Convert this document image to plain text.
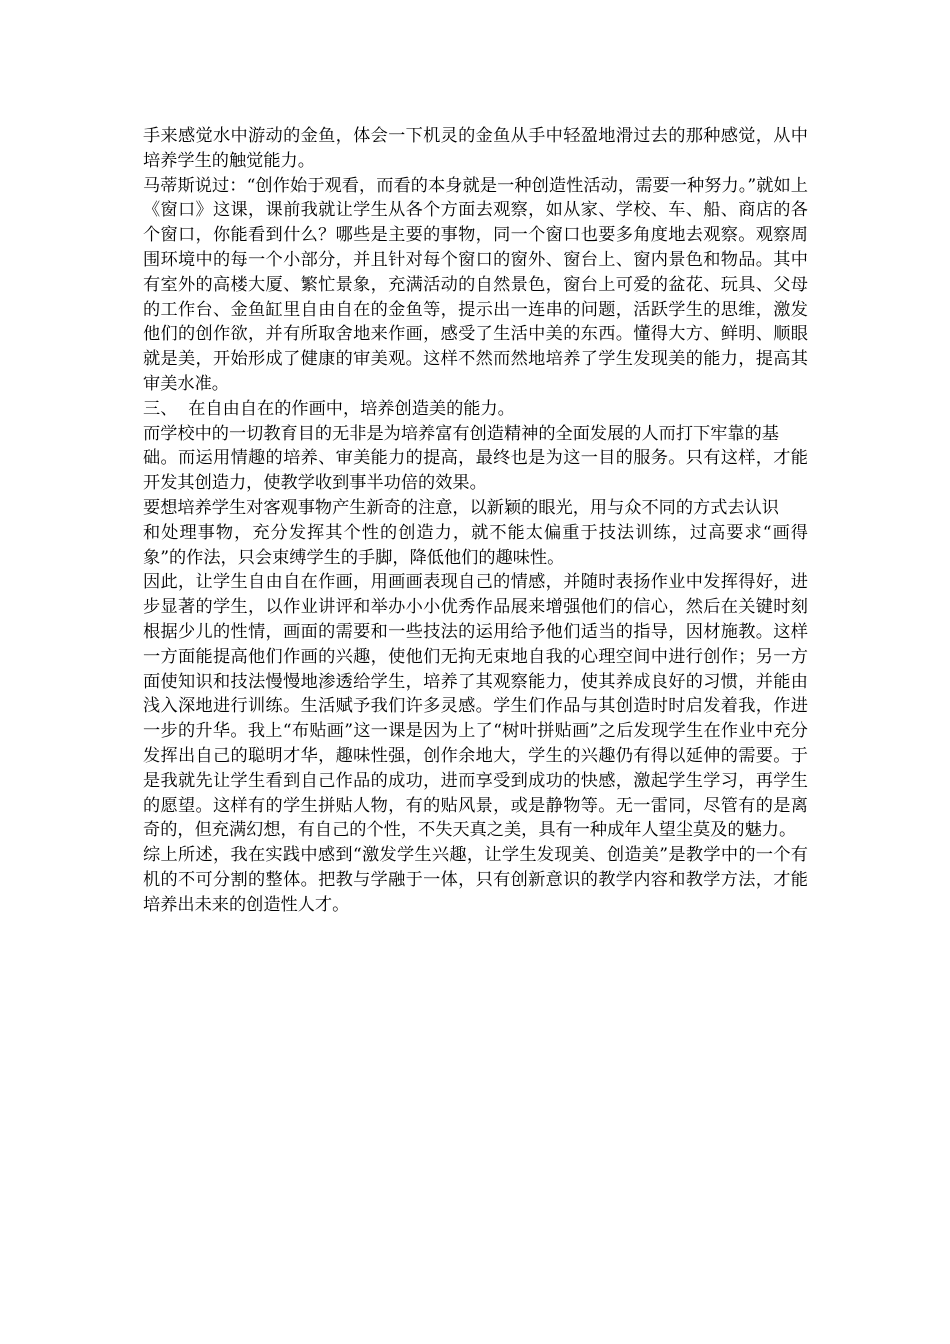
手来感觉水中游动的金鱼，体会一下机灵的金鱼从手中轻盈地滑过去的那种感觉，从中培养学生的触觉能力。

马蒂斯说过：“创作始于观看，而看的本身就是一种创造性活动，需要一种努力。”就如上《窗口》这课，课前我就让学生从各个方面去观察，如从家、学校、车、船、商店的各个窗口，你能看到什么？哪些是主要的事物，同一个窗口也要多角度地去观察。观察周围环境中的每一个小部分，并且针对每个窗口的窗外、窗台上、窗内景色和物品。其中有室外的高楼大厦、繁忙景象，充满活动的自然景色，窗台上可爱的盆花、玩具、父母的工作台、金鱼缸里自由自在的金鱼等，提示出一连串的问题，活跃学生的思维，激发他们的创作欲，并有所取舍地来作画，感受了生活中美的东西。懂得大方、鲜明、顺眼就是美，开始形成了健康的审美观。这样不然而然地培养了学生发现美的能力，提高其审美水准。

三、  在自由自在的作画中，培养创造美的能力。

而学校中的一切教育目的无非是为培养富有创造精神的全面发展的人而打下牢靠的基

础。而运用情趣的培养、审美能力的提高，最终也是为这一目的服务。只有这样，才能开发其创造力，使教学收到事半功倍的效果。

要想培养学生对客观事物产生新奇的注意，以新颖的眼光，用与众不同的方式去认识

和处理事物，充分发挥其个性的创造力，就不能太偏重于技法训练，过高要求“画得象”的作法，只会束缚学生的手脚，降低他们的趣味性。

因此，让学生自由自在作画，用画画表现自己的情感，并随时表扬作业中发挥得好，进步显著的学生，以作业讲评和举办小小优秀作品展来增强他们的信心，然后在关键时刻根据少儿的性情，画面的需要和一些技法的运用给予他们适当的指导，因材施教。这样一方面能提高他们作画的兴趣，使他们无拘无束地自我的心理空间中进行创作；另一方面使知识和技法慢慢地渗透给学生，培养了其观察能力，使其养成良好的习惯，并能由浅入深地进行训练。生活赋予我们许多灵感。学生们作品与其创造时时启发着我，作进一步的升华。我上“布贴画”这一课是因为上了“树叶拼贴画”之后发现学生在作业中充分发挥出自己的聪明才华，趣味性强，创作余地大，学生的兴趣仍有得以延伸的需要。于是我就先让学生看到自己作品的成功，进而享受到成功的快感，激起学生学习，再学生的愿望。这样有的学生拼贴人物，有的贴风景，或是静物等。无一雷同，尽管有的是离奇的，但充满幻想，有自己的个性，不失天真之美，具有一种成年人望尘莫及的魅力。

综上所述，我在实践中感到“激发学生兴趣，让学生发现美、创造美”是教学中的一个有机的不可分割的整体。把教与学融于一体，只有创新意识的教学内容和教学方法，才能培养出未来的创造性人才。
